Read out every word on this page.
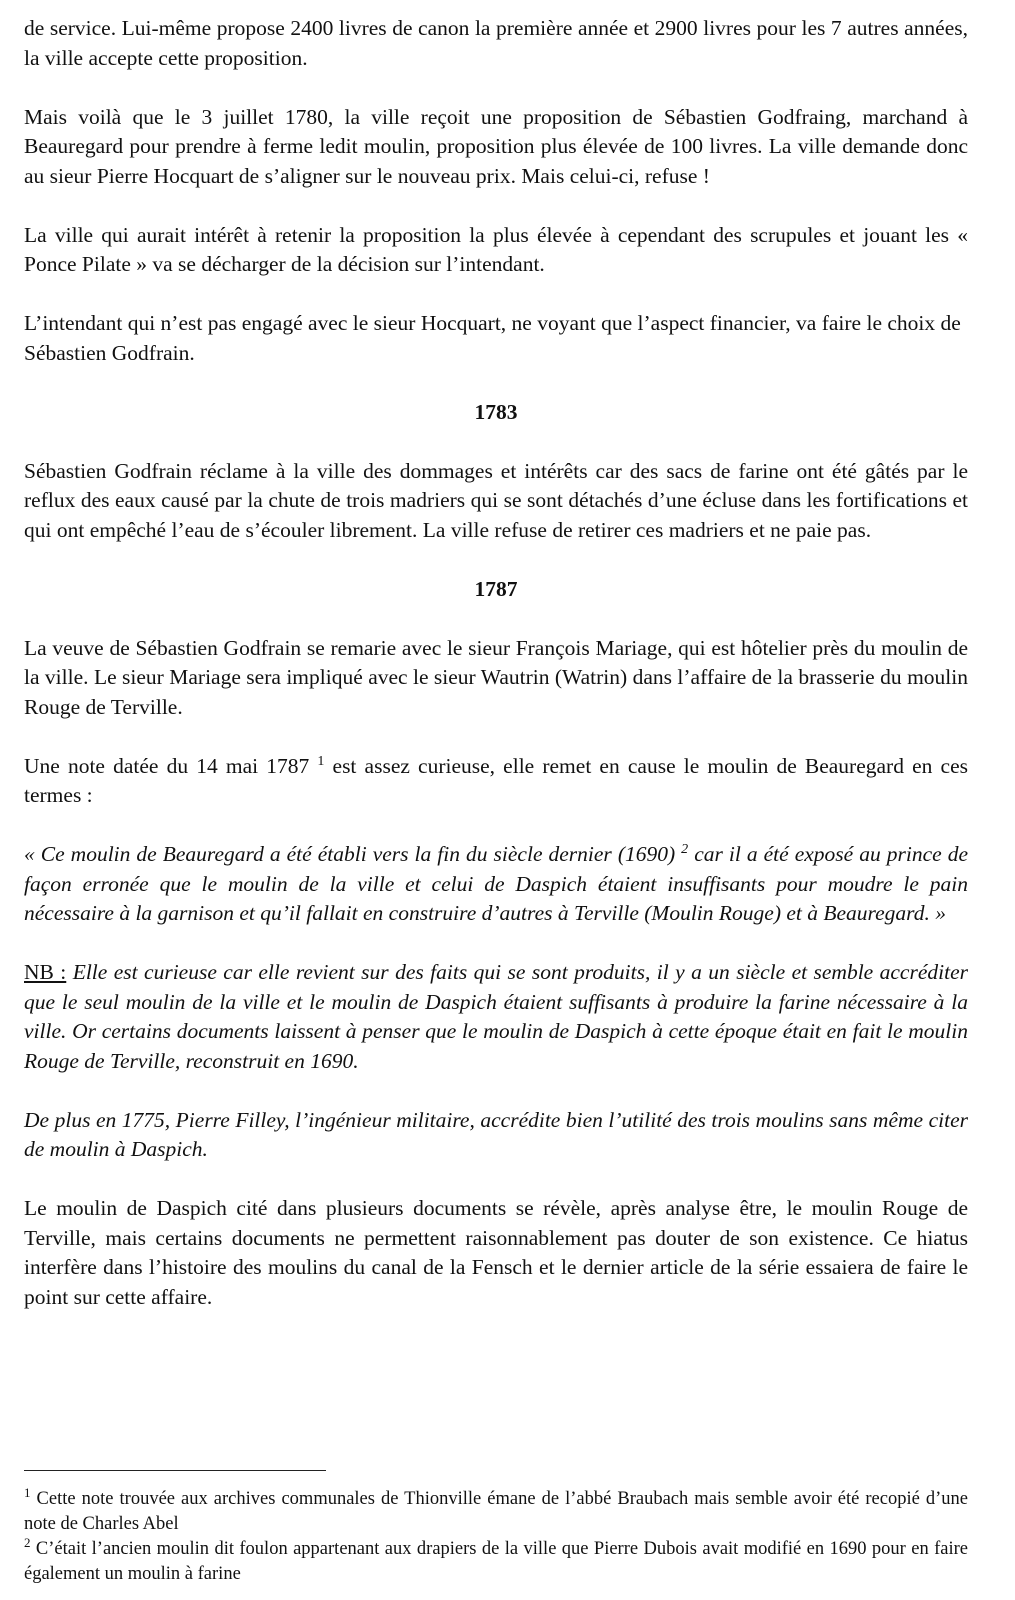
de service. Lui-même propose 2400 livres de canon la première année et 2900 livres pour les 7 autres années, la ville accepte cette proposition.

Mais voilà que le 3 juillet 1780, la ville reçoit une proposition de Sébastien Godfraing, marchand à Beauregard pour prendre à ferme ledit moulin, proposition plus élevée de 100 livres. La ville demande donc au sieur Pierre Hocquart de s’aligner sur le nouveau prix. Mais celui-ci, refuse !

La ville qui aurait intérêt à retenir la proposition la plus élevée à cependant des scrupules et jouant les « Ponce Pilate » va se décharger de la décision sur l’intendant.

L’intendant qui n’est pas engagé avec le sieur Hocquart, ne voyant que l’aspect financier, va faire le choix de Sébastien Godfrain.

1783

Sébastien Godfrain réclame à la ville des dommages et intérêts car des sacs de farine ont été gâtés par le reflux des eaux causé par la chute de trois madriers qui se sont détachés d’une écluse dans les fortifications et qui ont empêché l’eau de s’écouler librement. La ville refuse de retirer ces madriers et ne paie pas.

1787

La veuve de Sébastien Godfrain se remarie avec le sieur François Mariage, qui est hôtelier près du moulin de la ville. Le sieur Mariage sera impliqué avec le sieur Wautrin (Watrin) dans l’affaire de la brasserie du moulin Rouge de Terville.

Une note datée du 14 mai 1787 $^1$ est assez curieuse, elle remet en cause le moulin de Beauregard en ces termes :

« Ce moulin de Beauregard a été établi vers la fin du siècle dernier (1690) $^2$ car il a été exposé au prince de façon erronée que le moulin de la ville et celui de Daspich étaient insuffisants pour moudre le pain nécessaire à la garnison et qu’il fallait en construire d’autres à Terville (Moulin Rouge) et à Beauregard. »

NB : Elle est curieuse car elle revient sur des faits qui se sont produits, il y a un siècle et semble accréditer que le seul moulin de la ville et le moulin de Daspich étaient suffisants à produire la farine nécessaire à la ville. Or certains documents laissent à penser que le moulin de Daspich à cette époque était en fait le moulin Rouge de Terville, reconstruit en 1690.

De plus en 1775, Pierre Filley, l’ingénieur militaire, accrédite bien l’utilité des trois moulins sans même citer de moulin à Daspich.

Le moulin de Daspich cité dans plusieurs documents se révèle, après analyse être, le moulin Rouge de Terville, mais certains documents ne permettent raisonnablement pas douter de son existence. Ce hiatus interfère dans l’histoire des moulins du canal de la Fensch et le dernier article de la série essaiera de faire le point sur cette affaire.

$^1$ Cette note trouvée aux archives communales de Thionville émane de l’abbé Braubach mais semble avoir été recopié d’une note de Charles Abel

$^2$ C’était l’ancien moulin dit foulon appartenant aux drapiers de la ville que Pierre Dubois avait modifié en 1690 pour en faire également un moulin à farine
